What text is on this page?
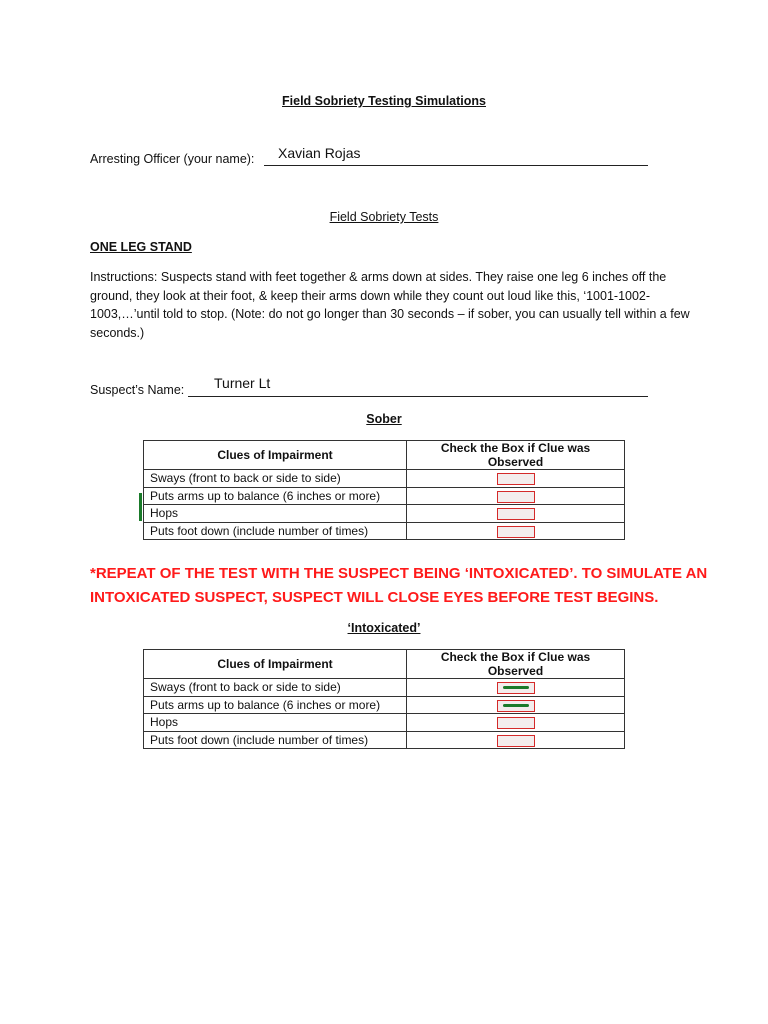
Field Sobriety Testing Simulations
Arresting Officer (your name): Xavian Rojas
Field Sobriety Tests
ONE LEG STAND
Instructions: Suspects stand with feet together & arms down at sides. They raise one leg 6 inches off the ground, they look at their foot, & keep their arms down while they count out loud like this, ‘1001-1002-1003,…’until told to stop. (Note: do not go longer than 30 seconds – if sober, you can usually tell within a few seconds.)
Suspect’s Name: Turner Lt
Sober
Clues of Impairment	Check the Box if Clue was Observed
Sways (front to back or side to side)	
Puts arms up to balance (6 inches or more)	
Hops	
Puts foot down (include number of times)	
*REPEAT OF THE TEST WITH THE SUSPECT BEING ‘INTOXICATED’. TO SIMULATE AN INTOXICATED SUSPECT, SUSPECT WILL CLOSE EYES BEFORE TEST BEGINS.
‘Intoxicated’
Clues of Impairment	Check the Box if Clue was Observed
Sways (front to back or side to side)	
Puts arms up to balance (6 inches or more)	
Hops	
Puts foot down (include number of times)	
